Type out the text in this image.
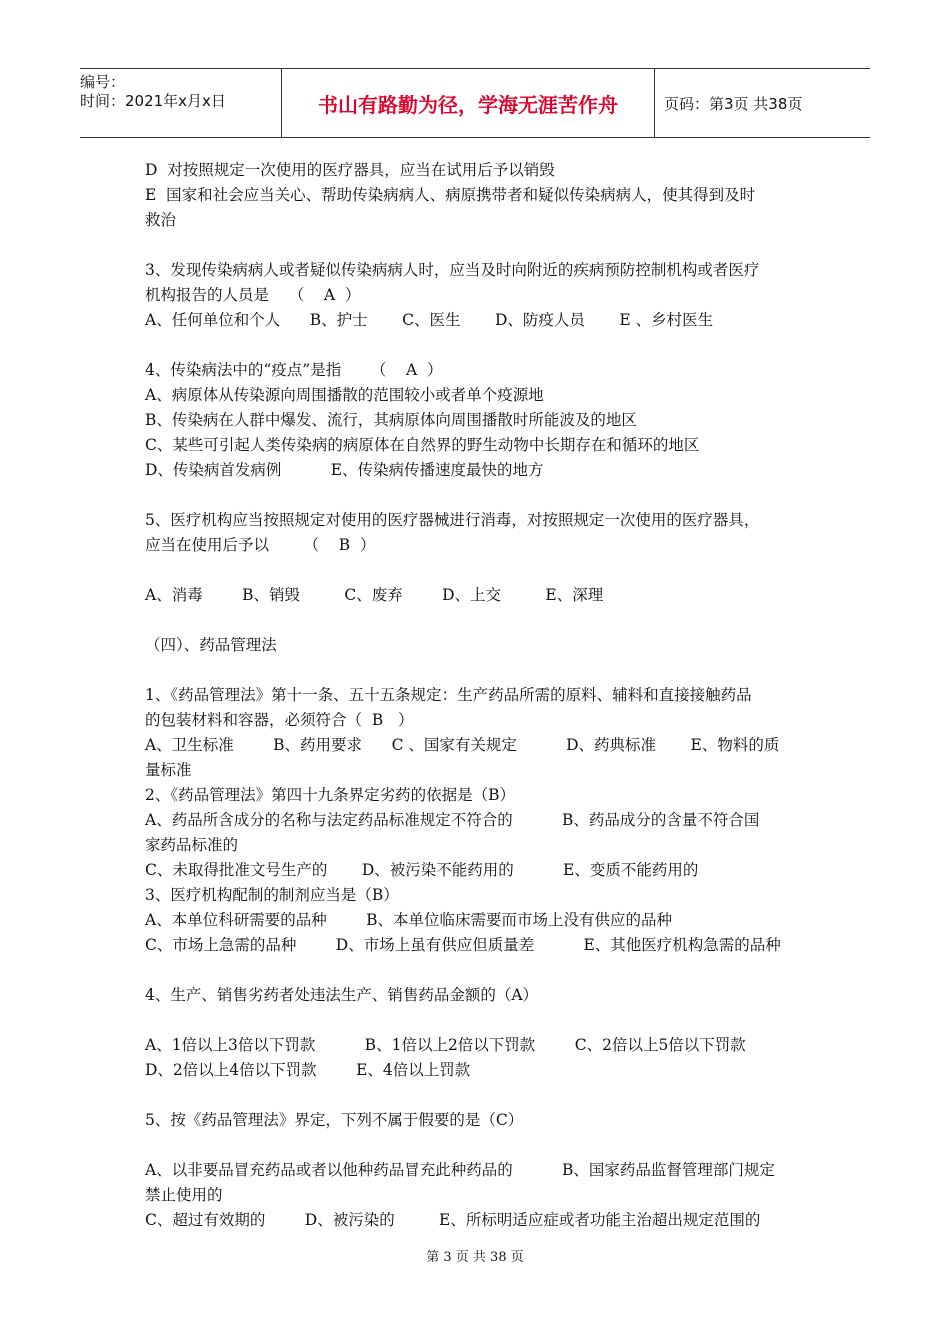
编号：
时间：2021年x月x日	书山有路勤为径，学海无涯苦作舟	页码：第3页 共38页

D  对按照规定一次使用的医疗器具，应当在试用后予以销毁

E  国家和社会应当关心、帮助传染病病人、病原携带者和疑似传染病病人，使其得到及时

救治

3、发现传染病病人或者疑似传染病病人时，应当及时向附近的疾病预防控制机构或者医疗

机构报告的人员是    （    A  ）

A、任何单位和个人      B、护士       C、医生       D、防疫人员       E 、乡村医生

4、传染病法中的“疫点”是指      （    A  ）

A、病原体从传染源向周围播散的范围较小或者单个疫源地

B、传染病在人群中爆发、流行，其病原体向周围播散时所能波及的地区

C、某些可引起人类传染病的病原体在自然界的野生动物中长期存在和循环的地区

D、传染病首发病例          E、传染病传播速度最快的地方

5、医疗机构应当按照规定对使用的医疗器械进行消毒，对按照规定一次使用的医疗器具，

应当在使用后予以       （    B  ）

A、消毒        B、销毁         C、废弃        D、上交         E、深理

（四）、药品管理法

1、《药品管理法》第十一条、五十五条规定：生产药品所需的原料、辅料和直接接触药品

的包装材料和容器，必须符合（  B   ）

A、卫生标准        B、药用要求      C 、国家有关规定          D、药典标准       E、物料的质

量标准

2、《药品管理法》第四十九条界定劣药的依据是（B）

A、药品所含成分的名称与法定药品标准规定不符合的          B、药品成分的含量不符合国

家药品标准的

C、未取得批准文号生产的       D、被污染不能药用的          E、变质不能药用的

3、医疗机构配制的制剂应当是（B）

A、本单位科研需要的品种        B、本单位临床需要而市场上没有供应的品种

C、市场上急需的品种        D、市场上虽有供应但质量差          E、其他医疗机构急需的品种

4、生产、销售劣药者处违法生产、销售药品金额的（A）

A、1倍以上3倍以下罚款          B、1倍以上2倍以下罚款        C、2倍以上5倍以下罚款

D、2倍以上4倍以下罚款        E、4倍以上罚款

5、按《药品管理法》界定，下列不属于假要的是（C）

A、以非要品冒充药品或者以他种药品冒充此种药品的          B、国家药品监督管理部门规定

禁止使用的

C、超过有效期的        D、被污染的         E、所标明适应症或者功能主治超出规定范围的

第 3 页 共 38 页
